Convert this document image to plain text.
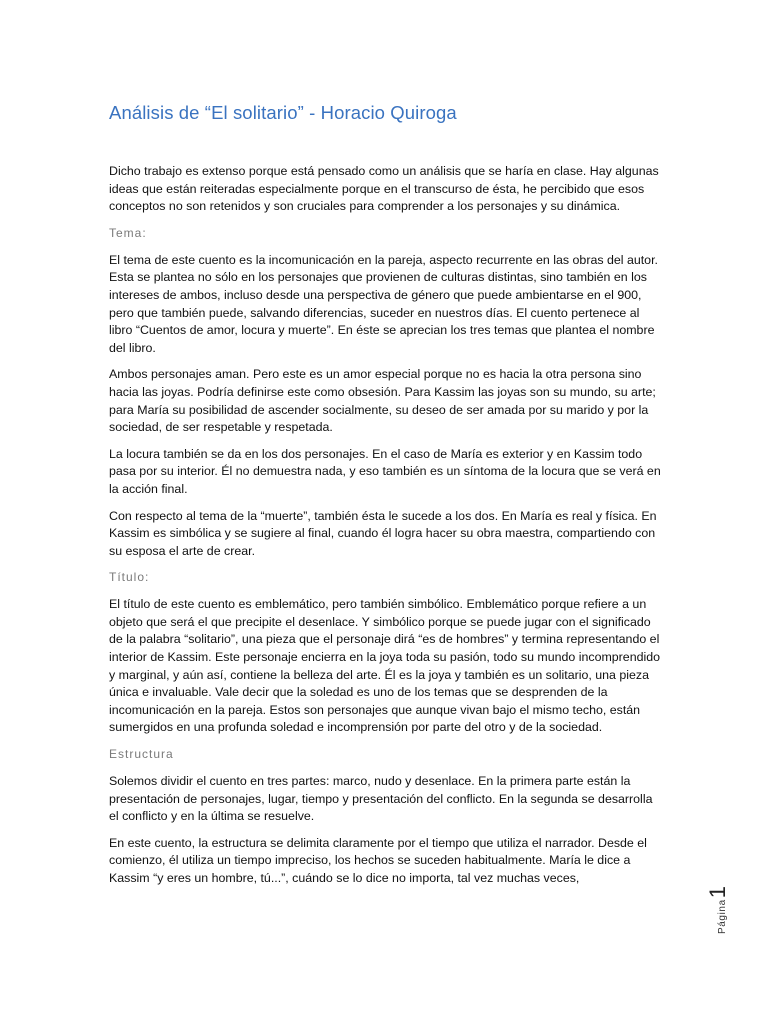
Análisis de “El solitario” - Horacio Quiroga

Dicho trabajo es extenso porque está pensado como un análisis que se haría en clase. Hay algunas ideas que están reiteradas especialmente porque en el transcurso de ésta, he percibido que esos conceptos no son retenidos y son cruciales para comprender a los personajes y su dinámica.

Tema:

El tema de este cuento es la incomunicación en la pareja, aspecto recurrente en las obras del autor. Esta se plantea no sólo en los personajes que provienen de culturas distintas, sino también en los intereses de ambos, incluso desde una perspectiva de género que puede ambientarse en el 900, pero que también puede, salvando diferencias, suceder en nuestros días. El cuento pertenece al libro “Cuentos de amor, locura y muerte”. En éste se aprecian los tres temas que plantea el nombre del libro.

Ambos personajes aman. Pero este es un amor especial porque no es hacia la otra persona sino hacia las joyas. Podría definirse este como obsesión. Para Kassim las joyas son su mundo, su arte; para María su posibilidad de ascender socialmente, su deseo de ser amada por su marido y por la sociedad, de ser respetable y respetada.

La locura también se da en los dos personajes. En el caso de María es exterior y en Kassim todo pasa por su interior. Él no demuestra nada, y eso también es un síntoma de la locura que se verá en la acción final.

Con respecto al tema de la “muerte”, también ésta le sucede a los dos. En María es real y física. En Kassim es simbólica y se sugiere al final, cuando él logra hacer su obra maestra, compartiendo con su esposa el arte de crear.

Título:

El título de este cuento es emblemático, pero también simbólico. Emblemático porque refiere a un objeto que será el que precipite el desenlace. Y simbólico porque se puede jugar con el significado de la palabra “solitario”, una pieza que el personaje dirá “es de hombres” y termina representando el interior de Kassim. Este personaje encierra en la joya toda su pasión, todo su mundo incomprendido y marginal, y aún así, contiene la belleza del arte. Él es la joya y también es un solitario, una pieza única e invaluable. Vale decir que la soledad es uno de los temas que se desprenden de la incomunicación en la pareja. Estos son personajes que aunque vivan bajo el mismo techo, están sumergidos en una profunda soledad e incomprensión por parte del otro y de la sociedad.

Estructura

Solemos dividir el cuento en tres partes: marco, nudo y desenlace. En la primera parte están la presentación de personajes, lugar, tiempo y presentación del conflicto. En la segunda se desarrolla el conflicto y en la última se resuelve.

En este cuento, la estructura se delimita claramente por el tiempo que utiliza el narrador. Desde el comienzo, él utiliza un tiempo impreciso, los hechos se suceden habitualmente. María le dice a Kassim “y eres un hombre, tú...”, cuándo se lo dice no importa, tal vez muchas veces,

Página
1
